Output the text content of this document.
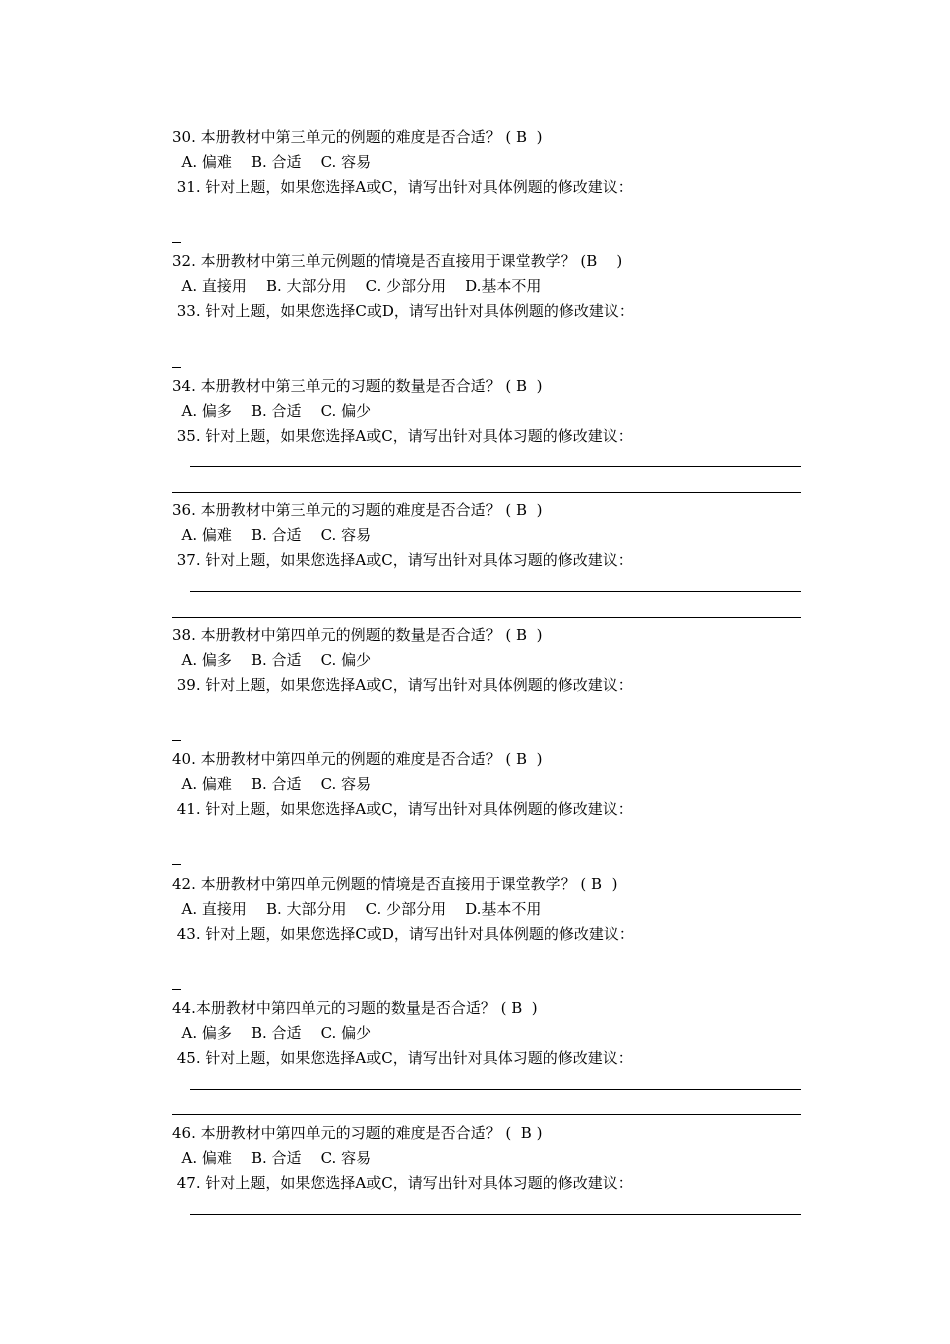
30. 本册教材中第三单元的例题的难度是否合适？ ( B  )
A. 偏难    B. 合适    C. 容易
31. 针对上题，如果您选择A或C，请写出针对具体例题的修改建议：
32. 本册教材中第三单元例题的情境是否直接用于课堂教学？ (B    )
A. 直接用    B. 大部分用    C. 少部分用    D.基本不用
33. 针对上题，如果您选择C或D，请写出针对具体例题的修改建议：
34. 本册教材中第三单元的习题的数量是否合适？ ( B  )
A. 偏多    B. 合适    C. 偏少
35. 针对上题，如果您选择A或C，请写出针对具体习题的修改建议：
36. 本册教材中第三单元的习题的难度是否合适？ ( B  )
A. 偏难    B. 合适    C. 容易
37. 针对上题，如果您选择A或C，请写出针对具体习题的修改建议：
38. 本册教材中第四单元的例题的数量是否合适？ ( B  )
A. 偏多    B. 合适    C. 偏少
39. 针对上题，如果您选择A或C，请写出针对具体例题的修改建议：
40. 本册教材中第四单元的例题的难度是否合适？ ( B  )
A. 偏难    B. 合适    C. 容易
41. 针对上题，如果您选择A或C，请写出针对具体例题的修改建议：
42. 本册教材中第四单元例题的情境是否直接用于课堂教学？ ( B  )
A. 直接用    B. 大部分用    C. 少部分用    D.基本不用
43. 针对上题，如果您选择C或D，请写出针对具体例题的修改建议：
44.本册教材中第四单元的习题的数量是否合适？ ( B  )
A. 偏多    B. 合适    C. 偏少
45. 针对上题，如果您选择A或C，请写出针对具体习题的修改建议：
46. 本册教材中第四单元的习题的难度是否合适？ (  B )
A. 偏难    B. 合适    C. 容易
47. 针对上题，如果您选择A或C，请写出针对具体习题的修改建议：
